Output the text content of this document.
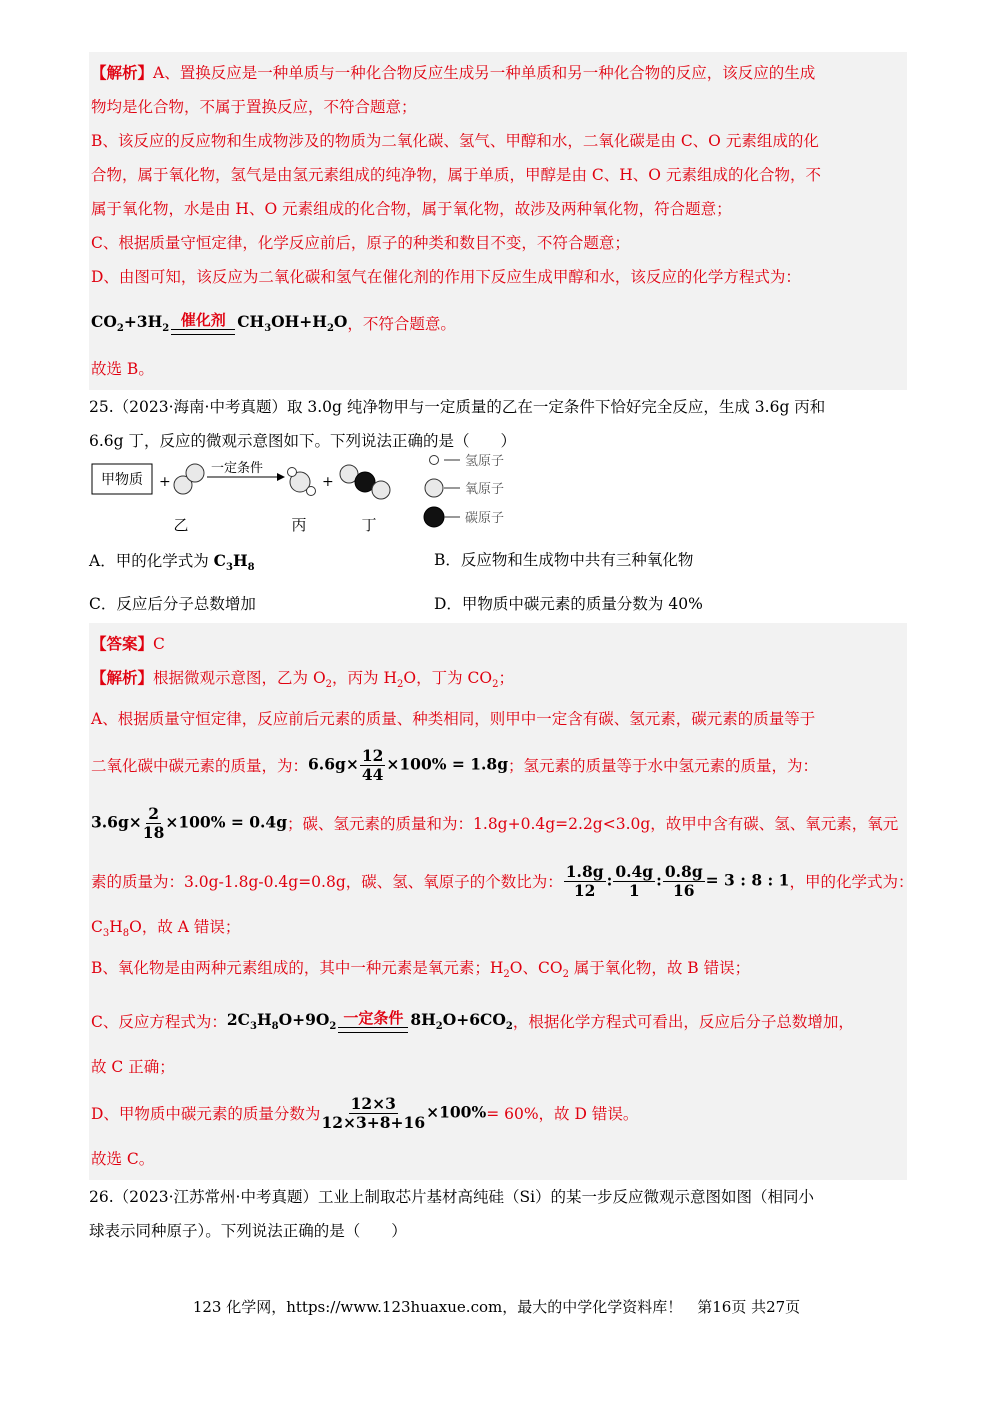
【解析】A、置换反应是一种单质与一种化合物反应生成另一种单质和另一种化合物的反应，该反应的生成
物均是化合物，不属于置换反应，不符合题意；
B、该反应的反应物和生成物涉及的物质为二氧化碳、氢气、甲醇和水，二氧化碳是由 C、O 元素组成的化
合物，属于氧化物，氢气是由氢元素组成的纯净物，属于单质，甲醇是由 C、H、O 元素组成的化合物，不
属于氧化物，水是由 H、O 元素组成的化合物，属于氧化物，故涉及两种氧化物，符合题意；
C、根据质量守恒定律，化学反应前后，原子的种类和数目不变，不符合题意；
D、由图可知，该反应为二氧化碳和氢气在催化剂的作用下反应生成甲醇和水，该反应的化学方程式为：
$CO_2+3H_2$ 催化剂 $CH_3OH+H_2O$ ，不符合题意。
故选 B。
25.（2023·海南·中考真题）取 3.0g 纯净物甲与一定质量的乙在一定条件下恰好完全反应，生成 3.6g 丙和
6.6g 丁，反应的微观示意图如下。下列说法正确的是（　　）
甲物质 +
一定条件
+
乙	丙	丁
氢原子
氧原子
碳原子
A．甲的化学式为 $C_3H_8$	B．反应物和生成物中共有三种氧化物
C．反应后分子总数增加	D．甲物质中碳元素的质量分数为 40%
【答案】C
【解析】根据微观示意图，乙为 $O_2$，丙为 $H_2O$，丁为 $CO_2$；
A、根据质量守恒定律，反应前后元素的质量、种类相同，则甲中一定含有碳、氢元素，碳元素的质量等于
二氧化碳中碳元素的质量，为： $6.6g\times \frac{12}{44} \times 100\% = 1.8g$ ；氢元素的质量等于水中氢元素的质量，为：
$3.6g\times \frac{2}{18} \times 100\% = 0.4g$ ；碳、氢元素的质量和为：1.8g+0.4g=2.2g<3.0g，故甲中含有碳、氢、氧元素，氧元
素的质量为：3.0g-1.8g-0.4g=0.8g，碳、氢、氧原子的个数比为： $\frac{1.8g}{12}$ : $\frac{0.4g}{1}$ : $\frac{0.8g}{16} = 3$ : 8 : 1 ，甲的化学式为：
$C_3H_8O$，故 A 错误；
B、氧化物是由两种元素组成的，其中一种元素是氧元素；$H_2O$、$CO_2$ 属于氧化物，故 B 错误；
C、反应方程式为： $2C_3H_8O+9O_2$ 一定条件 $8H_2O+6CO_2$ ，根据化学方程式可看出，反应后分子总数增加，
故 C 正确；
D、甲物质中碳元素的质量分数为 $\frac{12\times 3}{12\times 3+8+16} \times 100\% = 60\%$，故 D 错误。
故选 C。
26.（2023·江苏常州·中考真题）工业上制取芯片基材高纯硅（Si）的某一步反应微观示意图如图（相同小
球表示同种原子）。下列说法正确的是（　　）
123 化学网，https://www.123huaxue.com，最大的中学化学资料库！　第16页 共27页
